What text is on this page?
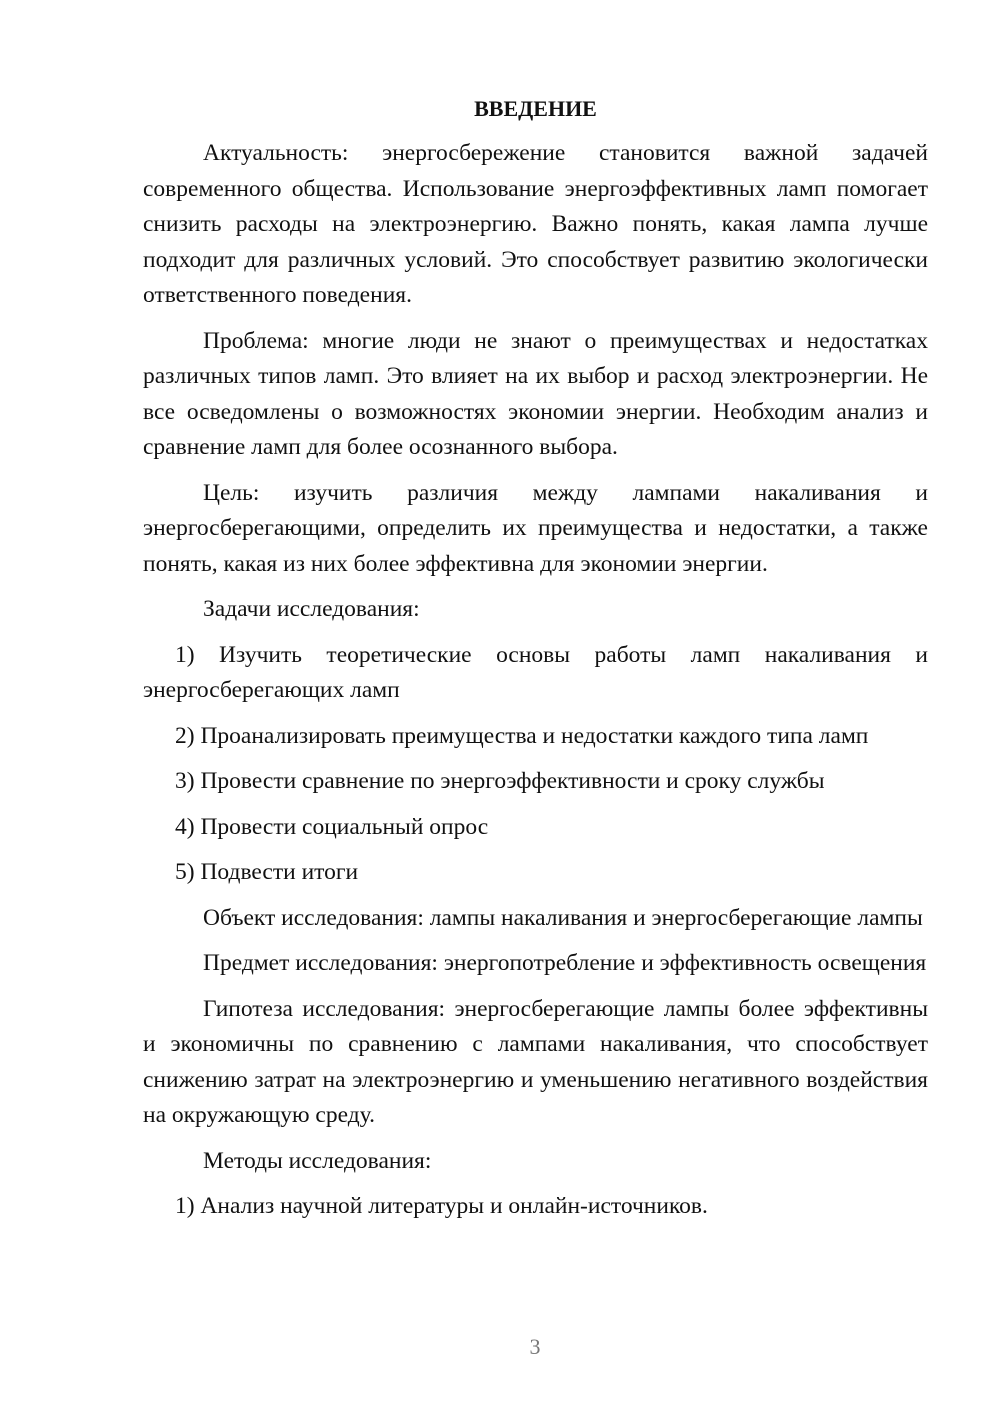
ВВЕДЕНИЕ

Актуальность: энергосбережение становится важной задачей современного общества. Использование энергоэффективных ламп помогает снизить расходы на электроэнергию. Важно понять, какая лампа лучше подходит для различных условий. Это способствует развитию экологически ответственного поведения.

Проблема: многие люди не знают о преимуществах и недостатках различных типов ламп. Это влияет на их выбор и расход электроэнергии. Не все осведомлены о возможностях экономии энергии. Необходим анализ и сравнение ламп для более осознанного выбора.

Цель: изучить различия между лампами накаливания и энергосберегающими, определить их преимущества и недостатки, а также понять, какая из них более эффективна для экономии энергии.

Задачи исследования:

1) Изучить теоретические основы работы ламп накаливания и энергосберегающих ламп

2) Проанализировать преимущества и недостатки каждого типа ламп

3) Провести сравнение по энергоэффективности и сроку службы

4) Провести социальный опрос

5) Подвести итоги

Объект исследования: лампы накаливания и энергосберегающие лампы

Предмет исследования: энергопотребление и эффективность освещения

Гипотеза исследования: энергосберегающие лампы более эффективны и экономичны по сравнению с лампами накаливания, что способствует снижению затрат на электроэнергию и уменьшению негативного воздействия на окружающую среду.

Методы исследования:

1) Анализ научной литературы и онлайн-источников.

3
